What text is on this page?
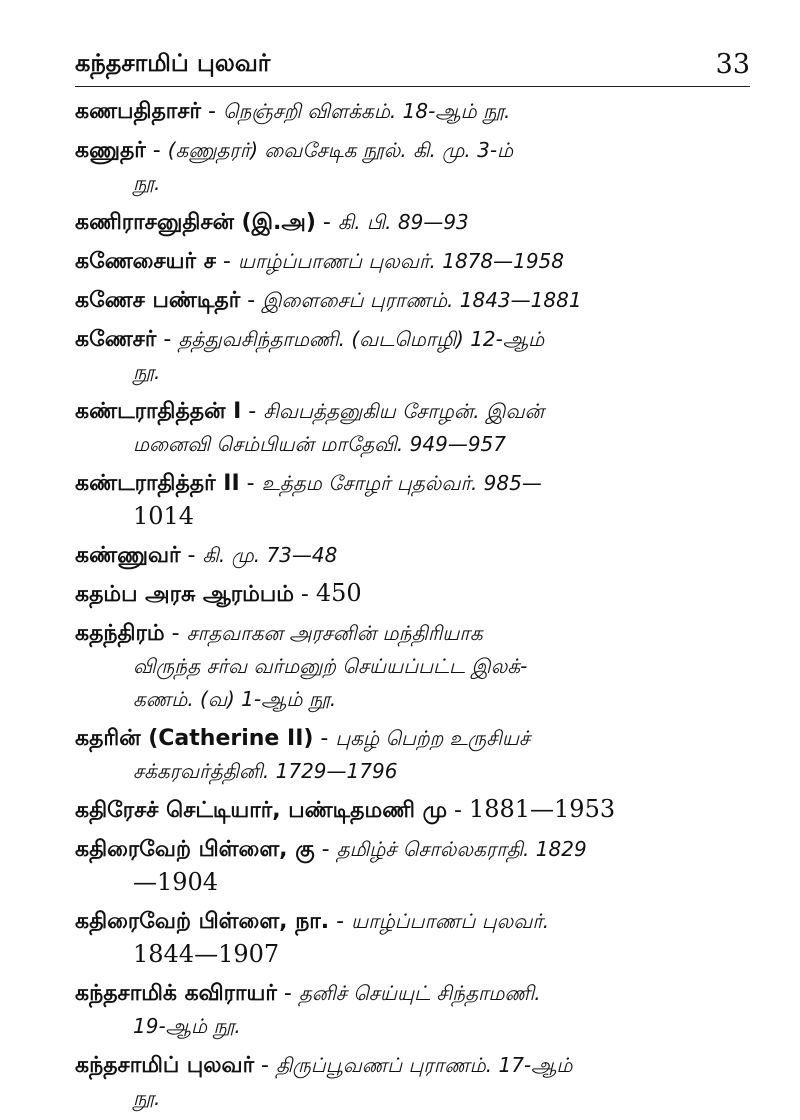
கந்தசாமிப் புலவர்	33
கணபதிதாசர் - நெஞ்சறி விளக்கம். 18-ஆம் நூ.
கணுதர் - (கணுதரர்) வைசேடிக நூல். கி. மு. 3-ம்
நூ.
கணிராசனுதிசன் (இ.அ) - கி. பி. 89—93
கணேசையர் ச - யாழ்ப்பாணப் புலவர். 1878—1958
கணேச பண்டிதர் - இளைசைப் புராணம். 1843—1881
கணேசர் - தத்துவசிந்தாமணி. (வடமொழி) 12-ஆம்
நூ.
கண்டராதித்தன் I - சிவபத்தனுகிய சோழன். இவன்
மனைவி செம்பியன் மாதேவி. 949—957
கண்டராதித்தர் II - உத்தம சோழர் புதல்வர். 985—
1014
கண்ணுவர் - கி. மு. 73—48
கதம்ப அரசு ஆரம்பம் - 450
கதந்திரம் - சாதவாகன அரசனின் மந்திரியாக
விருந்த சர்வ வர்மனுற் செய்யப்பட்ட இலக்-
கணம். (வ) 1-ஆம் நூ.
கதரின் (Catherine II) - புகழ் பெற்ற உருசியச்
சக்கரவர்த்தினி. 1729—1796
கதிரேசச் செட்டியார், பண்டிதமணி மு - 1881—1953
கதிரைவேற் பிள்ளை, கு - தமிழ்ச் சொல்லகராதி. 1829
—1904
கதிரைவேற் பிள்ளை, நா. - யாழ்ப்பாணப் புலவர்.
1844—1907
கந்தசாமிக் கவிராயர் - தனிச் செய்யுட் சிந்தாமணி.
19-ஆம் நூ.
கந்தசாமிப் புலவர் - திருப்பூவணப் புராணம். 17-ஆம்
நூ.
